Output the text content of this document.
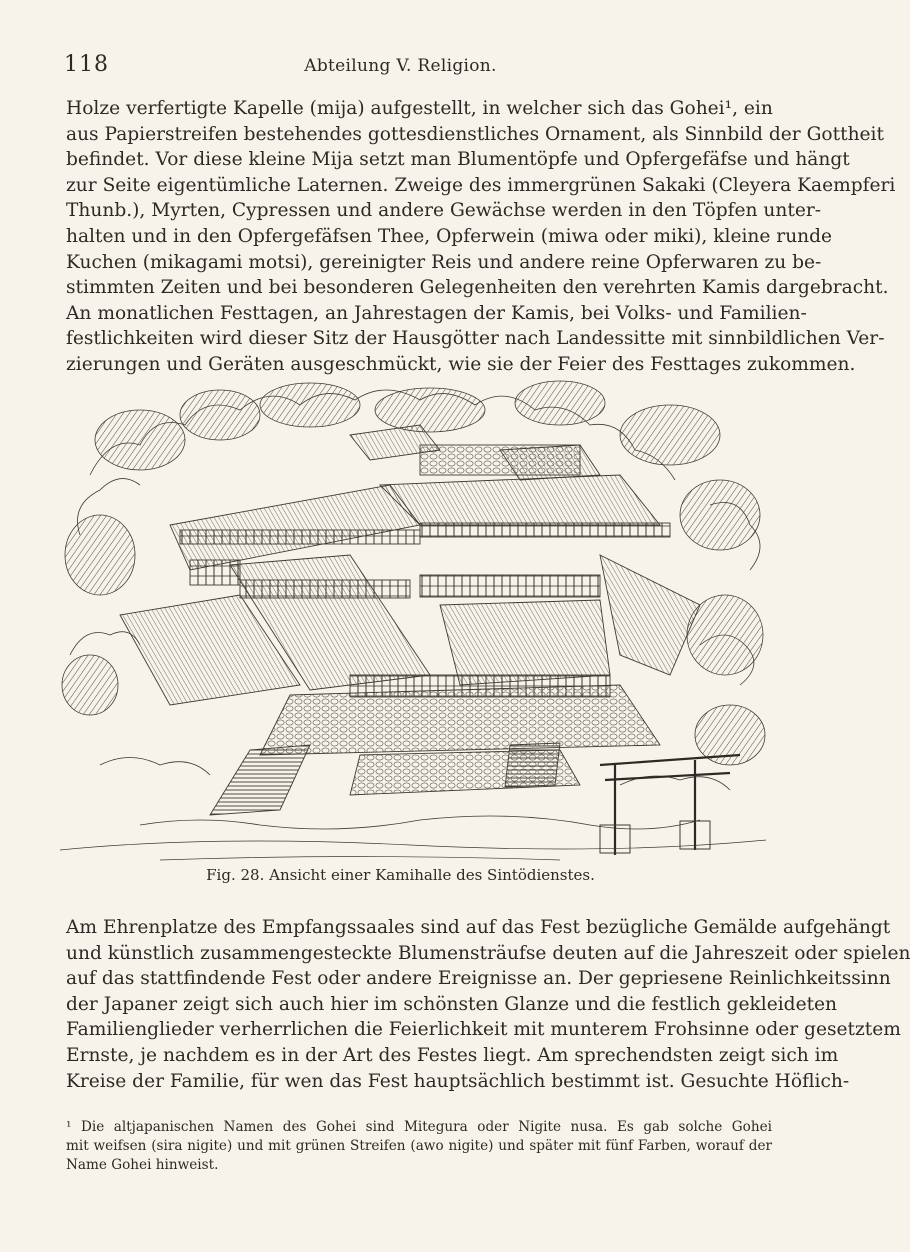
118	Abteilung V. Religion.
Holze verfertigte Kapelle (mija) aufgestellt, in welcher sich das Gohei¹, ein
aus Papierstreifen bestehendes gottesdienstliches Ornament, als Sinnbild der Gottheit
befindet. Vor diese kleine Mija setzt man Blumentöpfe und Opfergefäfse und hängt
zur Seite eigentümliche Laternen. Zweige des immergrünen Sakaki (Cleyera Kaempferi
Thunb.), Myrten, Cypressen und andere Gewächse werden in den Töpfen unter-
halten und in den Opfergefäfsen Thee, Opferwein (miwa oder miki), kleine runde
Kuchen (mikagami motsi), gereinigter Reis und andere reine Opferwaren zu be-
stimmten Zeiten und bei besonderen Gelegenheiten den verehrten Kamis dargebracht.
An monatlichen Festtagen, an Jahrestagen der Kamis, bei Volks- und Familien-
festlichkeiten wird dieser Sitz der Hausgötter nach Landessitte mit sinnbildlichen Ver-
zierungen und Geräten ausgeschmückt, wie sie der Feier des Festtages zukommen.
Fig. 28. Ansicht einer Kamihalle des Sintödienstes.
Am Ehrenplatze des Empfangssaales sind auf das Fest bezügliche Gemälde aufgehängt
und künstlich zusammengesteckte Blumensträufse deuten auf die Jahreszeit oder spielen
auf das stattfindende Fest oder andere Ereignisse an. Der gepriesene Reinlichkeitssinn
der Japaner zeigt sich auch hier im schönsten Glanze und die festlich gekleideten
Familienglieder verherrlichen die Feierlichkeit mit munterem Frohsinne oder gesetztem
Ernste, je nachdem es in der Art des Festes liegt. Am sprechendsten zeigt sich im
Kreise der Familie, für wen das Fest hauptsächlich bestimmt ist. Gesuchte Höflich-
¹ Die altjapanischen Namen des Gohei sind Mitegura oder Nigite nusa. Es gab solche Gohei
mit weifsen (sira nigite) und mit grünen Streifen (awo nigite) und später mit fünf Farben, worauf der
Name Gohei hinweist.
